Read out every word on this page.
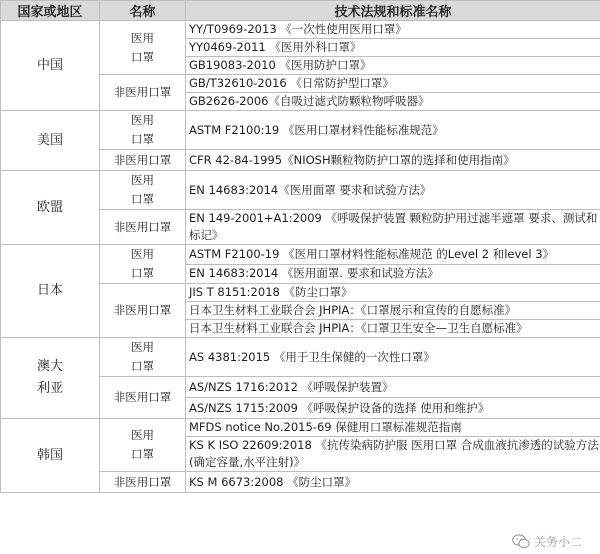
国家或地区	名称	技术法规和标准名称
中国	医用口罩	YY/T0969-2013 《一次性使用医用口罩》
		YY0469-2011 《医用外科口罩》
		GB19083-2010 《医用防护口罩》
	非医用口罩	GB/T32610-2016 《日常防护型口罩》
		GB2626-2006《自吸过滤式防颗粒物呼吸器》
美国	医用口罩	ASTM F2100:19 《医用口罩材料性能标准规范》
	非医用口罩	CFR 42-84-1995《NIOSH颗粒物防护口罩的选择和使用指南》
欧盟	医用口罩	EN 14683:2014《医用面罩 要求和试验方法》
	非医用口罩	EN 149-2001+A1:2009 《呼吸保护装置 颗粒防护用过滤半遮罩 要求、测试和标记》
日本	医用口罩	ASTM F2100-19 《医用口罩材料性能标准规范 的Level 2 和level 3》
		EN 14683:2014 《医用面罩. 要求和试验方法》
	非医用口罩	JIS T 8151:2018 《防尘口罩》
		日本卫生材料工业联合会 JHPIA：《口罩展示和宣传的自愿标准》
		日本卫生材料工业联合会 JHPIA：《口罩卫生安全—卫生自愿标准》
澳大利亚	医用口罩	AS 4381:2015 《用于卫生保健的一次性口罩》
	非医用口罩	AS/NZS 1716:2012 《呼吸保护装置》
		AS/NZS 1715:2009 《呼吸保护设备的选择 使用和维护》
韩国	医用口罩	MFDS notice No.2015-69 保健用口罩标准规范指南
		KS K ISO 22609:2018 《抗传染病防护服 医用口罩 合成血液抗渗透的试验方法(确定容量,水平注射)》
	非医用口罩	KS M 6673:2008 《防尘口罩》
关务小二
